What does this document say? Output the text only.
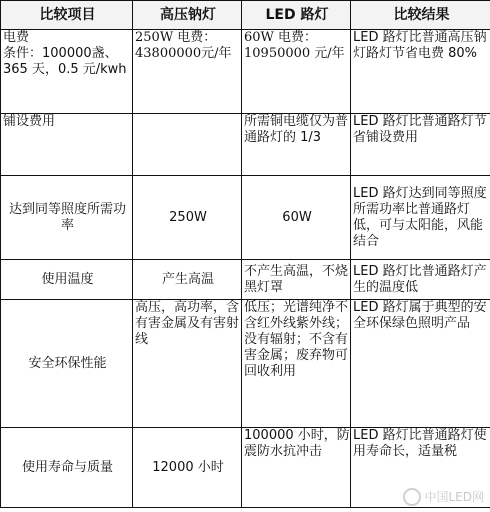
比较项目	高压钠灯	LED 路灯	比较结果

电费
条件：100000盏、365 天，0.5 元/kwh	250W 电费：43800000元/年	60W 电费：10950000 元/年	LED 路灯比普通高压钠灯路灯节省电费 80%
铺设费用		所需铜电缆仅为普通路灯的 1/3	LED 路灯比普通路灯节省铺设费用
达到同等照度所需功率	250W	60W	LED 路灯达到同等照度所需功率比普通路灯低，可与太阳能，风能结合
使用温度	产生高温	不产生高温，不烧黑灯罩	LED 路灯比普通路灯产生的温度低
安全环保性能	高压，高功率，含有害金属及有害射线	低压；光谱纯净不含红外线紫外线；没有辐射；不含有害金属；废弃物可回收利用	LED 路灯属于典型的安全环保绿色照明产品
使用寿命与质量	12000 小时	100000 小时，防震防水抗冲击	LED 路灯比普通路灯使用寿命长，适量税
中国LED网
